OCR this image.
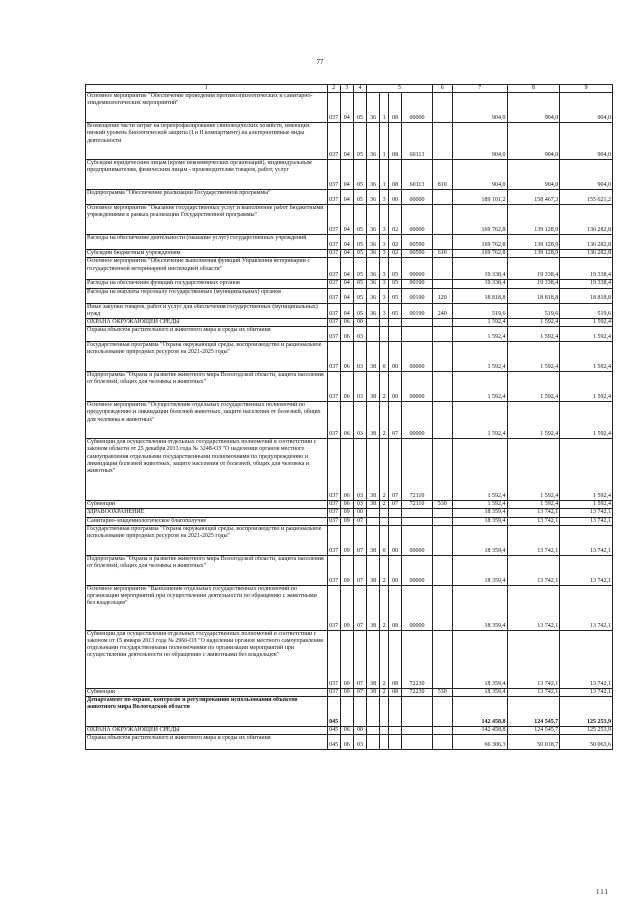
77
1	2	3	4	5				6	7	8	9
Основное мероприятие "Обеспечение проведения противоэпизоотических и санитарно-эпидемиологических мероприятий"	037	04	05	36	1	08	00000		904,0	904,0	904,0
Возмещение части затрат на перепрофилирование свиноводческих хозяйств, имеющих низкий уровень биологической защиты (I и II компартмент) на альтернативные виды деятельности	037	04	05	36	1	08	60113		904,0	904,0	904,0
Субсидии юридическим лицам (кроме некоммерческих организаций), индивидуальным предпринимателям, физическим лицам - производителям товаров, работ, услуг	037	04	05	36	1	08	60113	810	904,0	904,0	904,0
Подпрограмма "Обеспечение реализации Государственной программы"	037	04	05	36	3	00	00000		189 101,2	158 467,3	155 621,2
Основное мероприятие "Оказание государственных услуг и выполнение работ бюджетными учреждениями в рамках реализации Государственной программы"	037	04	05	36	3	02	00000		169 762,8	139 128,9	136 282,8
Расходы на обеспечение деятельности (оказание услуг) государственных учреждений	037	04	05	36	3	02	00590		169 762,8	139 128,9	136 282,8
Субсидии бюджетным учреждениям	037	04	05	36	3	02	00590	610	169 762,8	139 128,9	136 282,8
Основное мероприятие "Обеспечение выполнения функций Управления ветеринарии с государственной ветеринарной инспекцией области"	037	04	05	36	3	05	00000		19 338,4	19 338,4	19 338,4
Расходы на обеспечение функций государственных органов	037	04	05	36	3	05	00190		19 338,4	19 338,4	19 338,4
Расходы на выплаты персоналу государственных (муниципальных) органов	037	04	05	36	3	05	00190	120	18 818,8	18 818,8	18 818,8
Иные закупки товаров, работ и услуг для обеспечения государственных (муниципальных) нужд	037	04	05	36	3	05	00190	240	519,6	519,6	519,6
ОХРАНА ОКРУЖАЮЩЕЙ СРЕДЫ	037	06	00						1 592,4	1 592,4	1 592,4
Охрана объектов растительного и животного мира и среды их обитания	037	06	03						1 592,4	1 592,4	1 592,4
Государственная программа "Охрана окружающей среды, воспроизводство и рациональное использование природных ресурсов на 2021-2025 годы"	037	06	03	38	0	00	00000		1 592,4	1 592,4	1 592,4
Подпрограмма "Охрана и развитие животного мира Вологодской области, защита населения от болезней, общих для человека и животных"	037	06	03	38	2	00	00000		1 592,4	1 592,4	1 592,4
Основное мероприятие "Осуществление отдельных государственных полномочий по предупреждению и ликвидации болезней животных, защите населения от болезней, общих для человека и животных"	037	06	03	38	2	07	00000		1 592,4	1 592,4	1 592,4
Субвенции для осуществления отдельных государственных полномочий в соответствии с законом области от 25 декабря 2013 года № 3248-ОЗ "О наделении органов местного самоуправления отдельными государственными полномочиями по предупреждению и ликвидации болезней животных, защите населения от болезней, общих для человека и животных"	037	06	03	38	2	07	72110		1 592,4	1 592,4	1 592,4
Субвенции	037	06	03	38	2	07	72110	530	1 592,4	1 592,4	1 592,4
ЗДРАВООХРАНЕНИЕ	037	09	00						18 359,4	13 742,1	13 742,1
Санитарно-эпидемиологическое благополучие	037	09	07						18 359,4	13 742,1	13 742,1
Государственная программа "Охрана окружающей среды, воспроизводство и рациональное использование природных ресурсов на 2021-2025 годы"	037	09	07	38	0	00	00000		18 359,4	13 742,1	13 742,1
Подпрограмма "Охрана и развитие животного мира Вологодской области, защита населения от болезней, общих для человека и животных"	037	09	07	38	2	00	00000		18 359,4	13 742,1	13 742,1
Основное мероприятие "Выполнение отдельных государственных полномочий по организации мероприятий при осуществлении деятельности по обращению с животными без владельцев"	037	09	07	38	2	08	00000		18 359,4	13 742,1	13 742,1
Субвенции для осуществления отдельных государственных полномочий в соответствии с законом от 15 января 2013 года № 2966-ОЗ "О наделении органов местного самоуправления отдельными государственными полномочиями по организации мероприятий при осуществлении деятельности по обращению с животными без владельцев"	037	09	07	38	2	08	72230		18 359,4	13 742,1	13 742,1
Субвенции	037	09	07	38	2	08	72230	530	18 359,4	13 742,1	13 742,1
Департамент по охране, контролю и регулированию использования объектов животного мира Вологодской области	045								142 458,8	124 545,7	125 253,9
ОХРАНА ОКРУЖАЮЩЕЙ СРЕДЫ	045	06	00						142 458,8	124 545,7	125 253,9
Охрана объектов растительного и животного мира и среды их обитания	045	06	03						66 306,3	50 018,7	50 063,6
111
